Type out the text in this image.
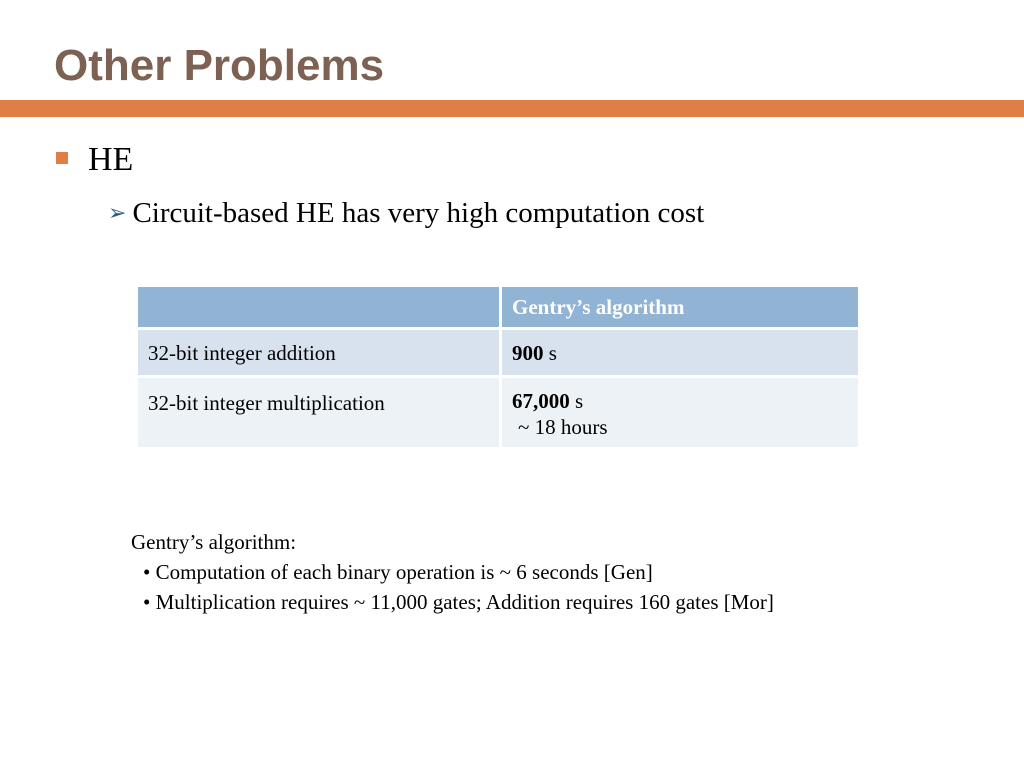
Other Problems
HE
➢ Circuit-based HE has very high computation cost
	Gentry’s algorithm
32-bit integer addition	900 s
32-bit integer multiplication	67,000 s
~ 18 hours
Gentry’s algorithm:
• Computation of each binary operation is ~ 6 seconds [Gen]
• Multiplication requires ~ 11,000 gates; Addition requires 160 gates [Mor]
